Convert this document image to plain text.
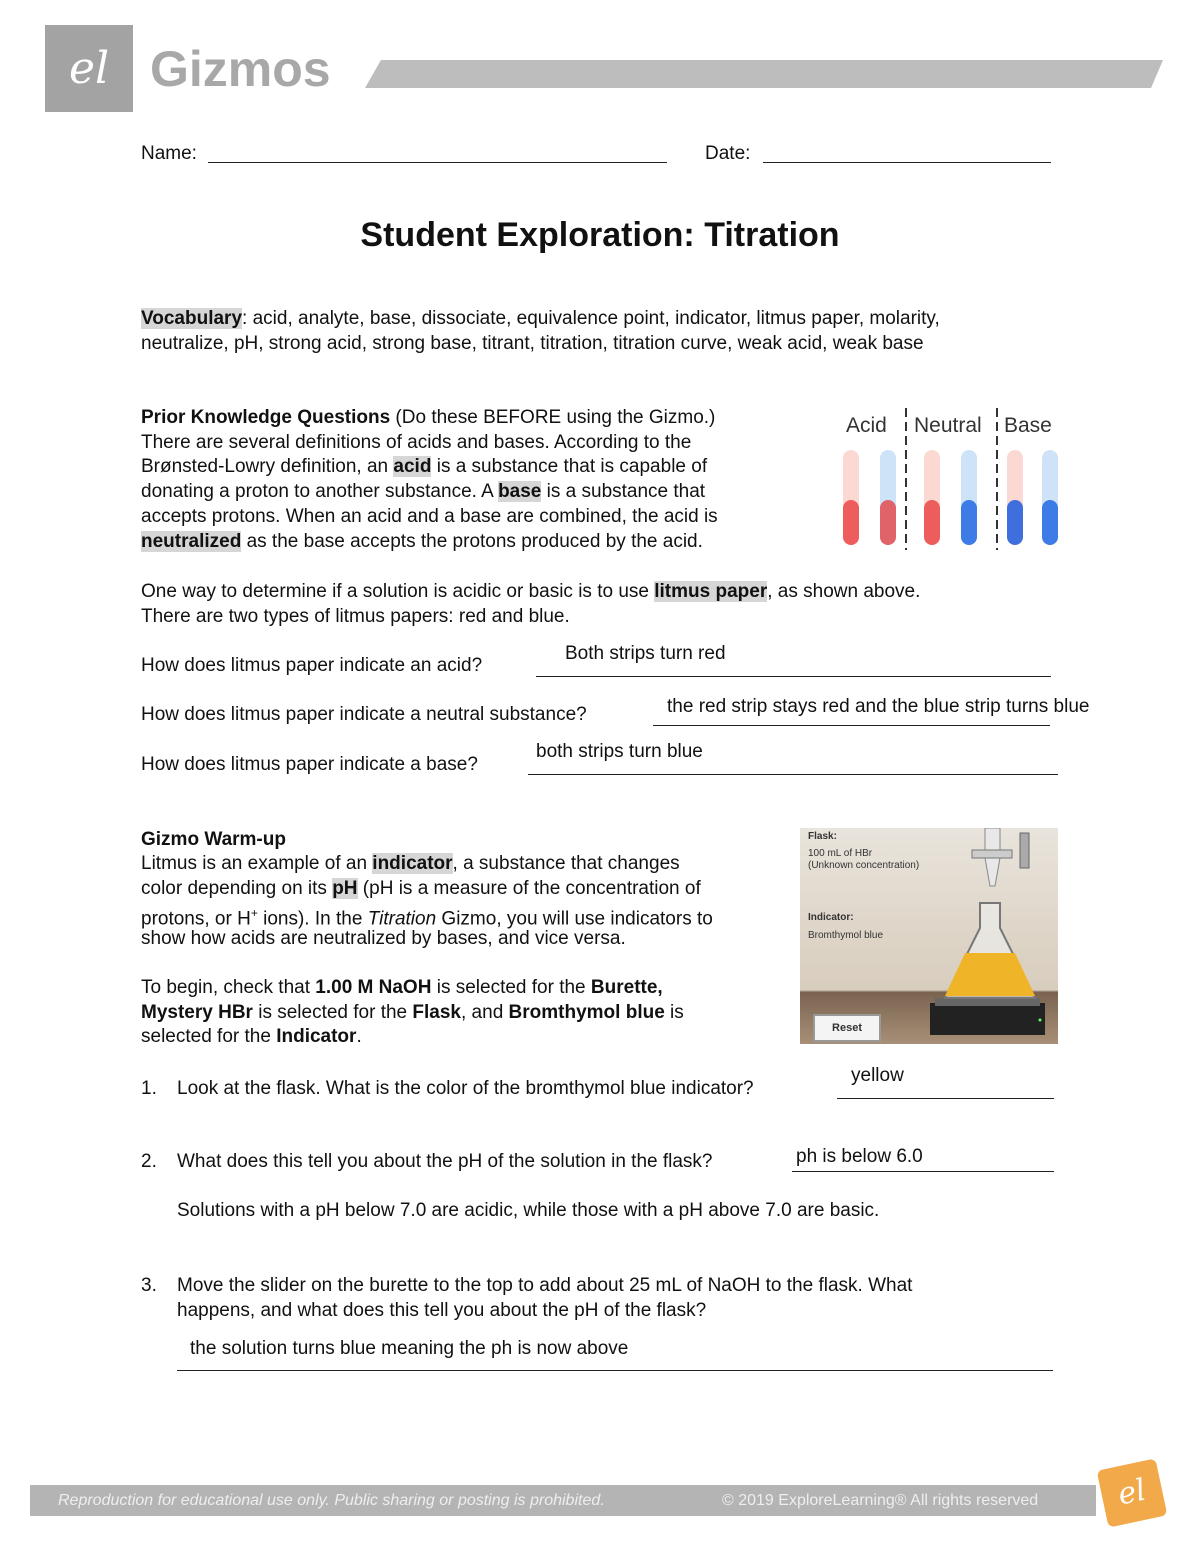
el Gizmos
Name:	Date:
Student Exploration: Titration
Vocabulary: acid, analyte, base, dissociate, equivalence point, indicator, litmus paper, molarity,
neutralize, pH, strong acid, strong base, titrant, titration, titration curve, weak acid, weak base
Prior Knowledge Questions (Do these BEFORE using the Gizmo.)
There are several definitions of acids and bases. According to the
Brønsted-Lowry definition, an acid is a substance that is capable of
donating a proton to another substance. A base is a substance that
accepts protons. When an acid and a base are combined, the acid is
neutralized as the base accepts the protons produced by the acid.
Acid Neutral Base
One way to determine if a solution is acidic or basic is to use litmus paper, as shown above.
There are two types of litmus papers: red and blue.
How does litmus paper indicate an acid?
Both strips turn red
How does litmus paper indicate a neutral substance?	the red strip stays red and the blue strip turns blue
How does litmus paper indicate a base?
both strips turn blue
Gizmo Warm-up
Litmus is an example of an indicator, a substance that changes
color depending on its pH (pH is a measure of the concentration of
protons, or H+ ions). In the Titration Gizmo, you will use indicators to
show how acids are neutralized by bases, and vice versa.
To begin, check that 1.00 M NaOH is selected for the Burette,
Mystery HBr is selected for the Flask, and Bromthymol blue is
selected for the Indicator.
Flask:
100 mL of HBr
(Unknown concentration)
Indicator:
Bromthymol blue
Reset
1. Look at the flask. What is the color of the bromthymol blue indicator?
yellow
2. What does this tell you about the pH of the solution in the flask?	ph is below 6.0
Solutions with a pH below 7.0 are acidic, while those with a pH above 7.0 are basic.
3. Move the slider on the burette to the top to add about 25 mL of NaOH to the flask. What
happens, and what does this tell you about the pH of the flask?
the solution turns blue meaning the ph is now above
Reproduction for educational use only. Public sharing or posting is prohibited.	© 2019 ExploreLearning® All rights reserved	el
